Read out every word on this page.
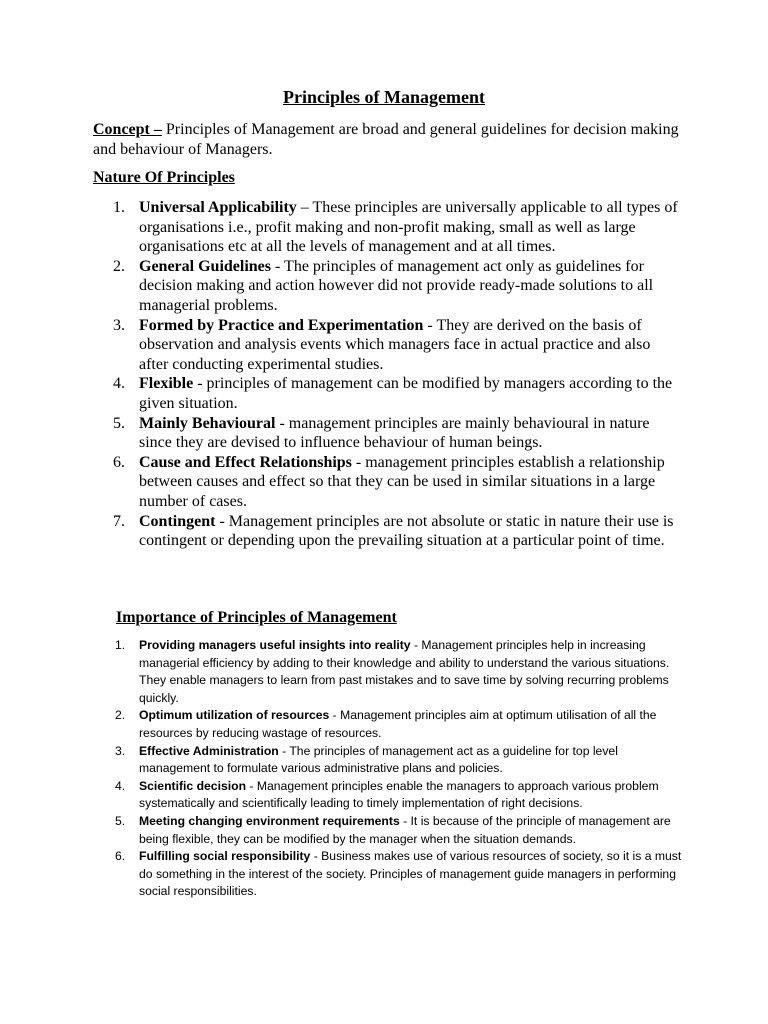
Principles of Management
Concept – Principles of Management are broad and general guidelines for decision making and behaviour of Managers.
Nature Of Principles
1. Universal Applicability – These principles are universally applicable to all types of organisations i.e., profit making and non-profit making, small as well as large organisations etc at all the levels of management and at all times.
2. General Guidelines - The principles of management act only as guidelines for decision making and action however did not provide ready-made solutions to all managerial problems.
3. Formed by Practice and Experimentation - They are derived on the basis of observation and analysis events which managers face in actual practice and also after conducting experimental studies.
4. Flexible - principles of management can be modified by managers according to the given situation.
5. Mainly Behavioural - management principles are mainly behavioural in nature since they are devised to influence behaviour of human beings.
6. Cause and Effect Relationships - management principles establish a relationship between causes and effect so that they can be used in similar situations in a large number of cases.
7. Contingent - Management principles are not absolute or static in nature their use is contingent or depending upon the prevailing situation at a particular point of time.
Importance of Principles of Management
1. Providing managers useful insights into reality - Management principles help in increasing managerial efficiency by adding to their knowledge and ability to understand the various situations. They enable managers to learn from past mistakes and to save time by solving recurring problems quickly.
2. Optimum utilization of resources - Management principles aim at optimum utilisation of all the resources by reducing wastage of resources.
3. Effective Administration - The principles of management act as a guideline for top level management to formulate various administrative plans and policies.
4. Scientific decision - Management principles enable the managers to approach various problem systematically and scientifically leading to timely implementation of right decisions.
5. Meeting changing environment requirements - It is because of the principle of management are being flexible, they can be modified by the manager when the situation demands.
6. Fulfilling social responsibility - Business makes use of various resources of society, so it is a must do something in the interest of the society. Principles of management guide managers in performing social responsibilities.
